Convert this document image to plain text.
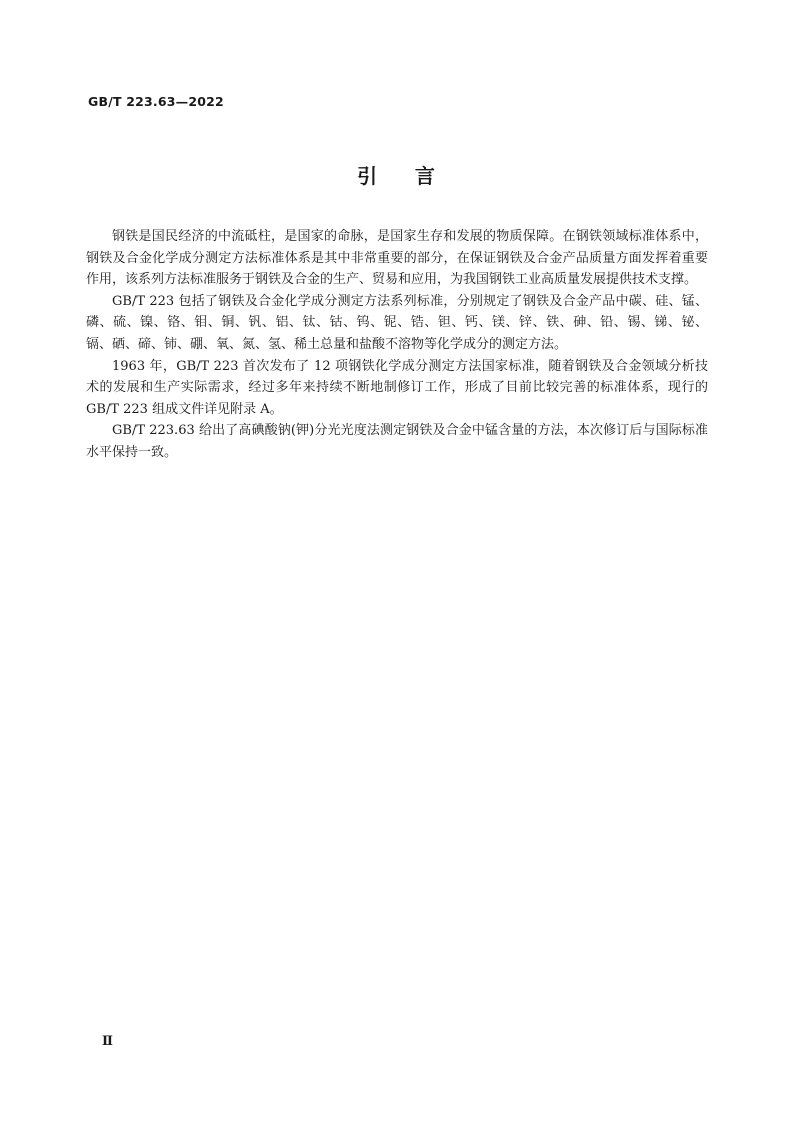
GB/T 223.63—2022
引    言

钢铁是国民经济的中流砥柱，是国家的命脉，是国家生存和发展的物质保障。在钢铁领域标准体系中，钢铁及合金化学成分测定方法标准体系是其中非常重要的部分，在保证钢铁及合金产品质量方面发挥着重要作用，该系列方法标准服务于钢铁及合金的生产、贸易和应用，为我国钢铁工业高质量发展提供技术支撑。

GB/T 223 包括了钢铁及合金化学成分测定方法系列标准，分别规定了钢铁及合金产品中碳、硅、锰、磷、硫、镍、铬、钼、铜、钒、铝、钛、钴、钨、铌、锆、钽、钙、镁、锌、铁、砷、铅、锡、锑、铋、镉、硒、碲、铈、硼、氧、氮、氢、稀土总量和盐酸不溶物等化学成分的测定方法。

1963 年，GB/T 223 首次发布了 12 项钢铁化学成分测定方法国家标准，随着钢铁及合金领域分析技术的发展和生产实际需求，经过多年来持续不断地制修订工作，形成了目前比较完善的标准体系，现行的 GB/T 223 组成文件详见附录 A。

GB/T 223.63 给出了高碘酸钠(钾)分光光度法测定钢铁及合金中锰含量的方法，本次修订后与国际标准水平保持一致。

Ⅱ
